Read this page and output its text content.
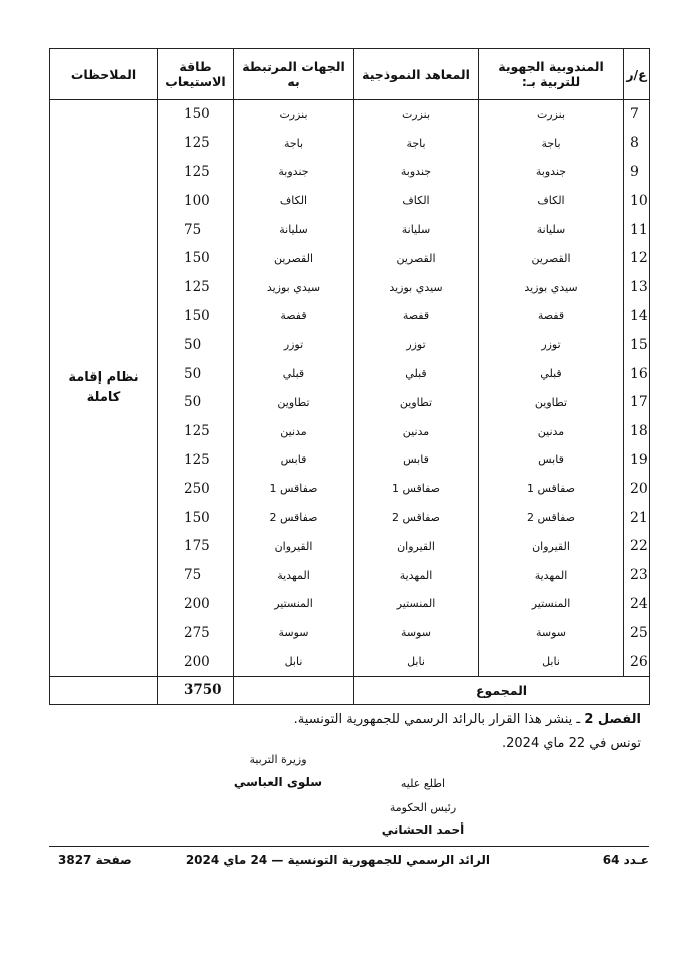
ع/ر	المندوبية الجهوية للتربية بـ:	المعاهد النموذجية	الجهات المرتبطة به	طاقة الاستيعاب	الملاحظات
7	بنزرت	بنزرت	بنزرت	150	نظام إقامة كاملة
8	باجة	باجة	باجة	125	
9	جندوبة	جندوبة	جندوبة	125	
10	الكاف	الكاف	الكاف	100	
11	سليانة	سليانة	سليانة	75	
12	القصرين	القصرين	القصرين	150	
13	سيدي بوزيد	سيدي بوزيد	سيدي بوزيد	125	
14	قفصة	قفصة	قفصة	150	
15	توزر	توزر	توزر	50	
16	قبلي	قبلي	قبلي	50	
17	تطاوين	تطاوين	تطاوين	50	
18	مدنين	مدنين	مدنين	125	
19	قابس	قابس	قابس	125	
20	صفاقس 1	صفاقس 1	صفاقس 1	250	
21	صفاقس 2	صفاقس 2	صفاقس 2	150	
22	القيروان	القيروان	القيروان	175	
23	المهدية	المهدية	المهدية	75	
24	المنستير	المنستير	المنستير	200	
25	سوسة	سوسة	سوسة	275	
26	نابل	نابل	نابل	200	
المجموع				3750	
الفصل 2 ـ ينشر هذا القرار بالرائد الرسمي للجمهورية التونسية.
تونس في 22 ماي 2024.
وزيرة التربية
سلوى العباسي	اطلع عليه
رئيس الحكومة
أحمد الحشاني
عـدد 64
الرائد الرسمي للجمهورية التونسية — 24 ماي 2024
صفحة 3827
